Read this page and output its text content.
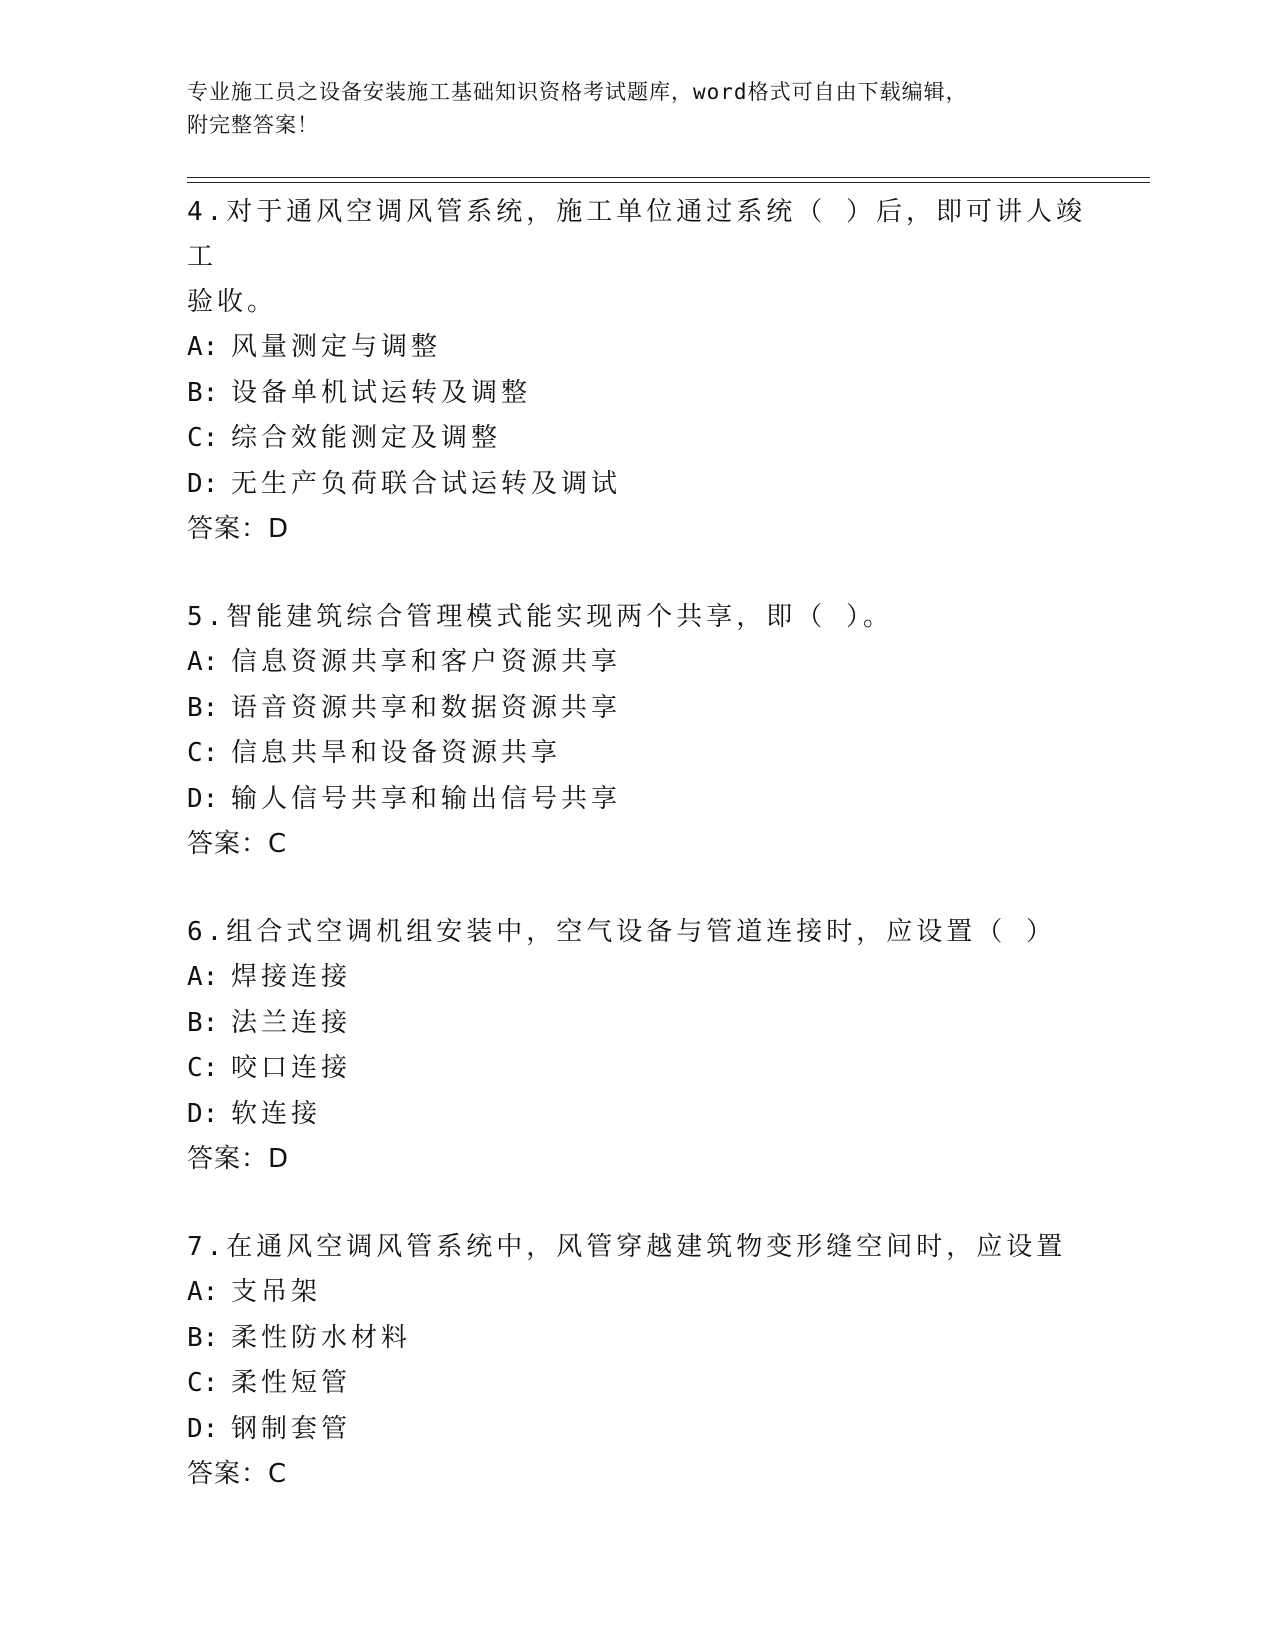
专业施工员之设备安装施工基础知识资格考试题库，word格式可自由下载编辑，
附完整答案！
4.对于通风空调风管系统，施工单位通过系统（ ）后，即可讲人竣工
验收。
A: 风量测定与调整
B: 设备单机试运转及调整
C: 综合效能测定及调整
D: 无生产负荷联合试运转及调试
答案：D
5.智能建筑综合管理模式能实现两个共享，即（ ）。
A: 信息资源共享和客户资源共享
B: 语音资源共享和数据资源共享
C: 信息共旱和设备资源共享
D: 输人信号共享和输出信号共享
答案：C
6.组合式空调机组安装中，空气设备与管道连接时，应设置（ ）
A: 焊接连接
B: 法兰连接
C: 咬口连接
D: 软连接
答案：D
7.在通风空调风管系统中，风管穿越建筑物变形缝空间时，应设置
A: 支吊架
B: 柔性防水材料
C: 柔性短管
D: 钢制套管
答案：C
